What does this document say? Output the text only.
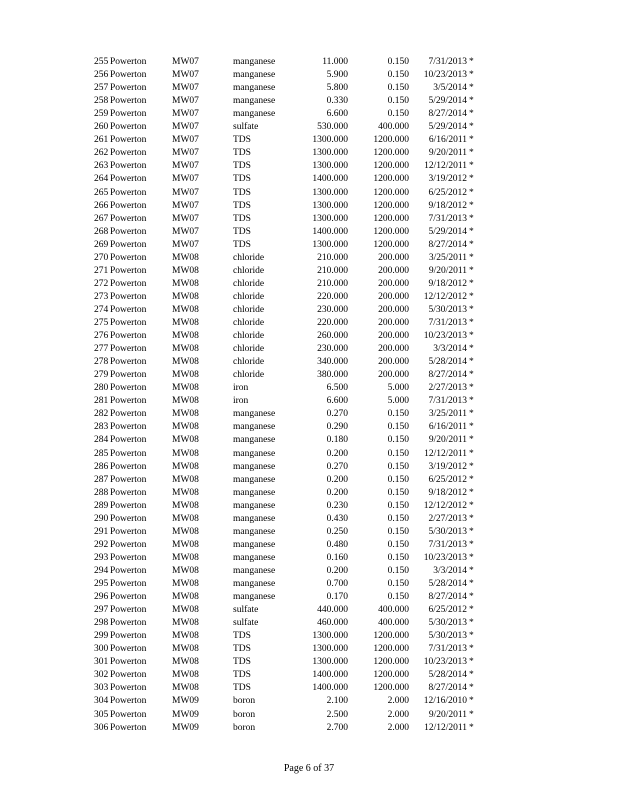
255 Powerton	MW07	manganese	11.000	0.150	7/31/2013 *
256 Powerton	MW07	manganese	5.900	0.150	10/23/2013 *
257 Powerton	MW07	manganese	5.800	0.150	3/5/2014 *
258 Powerton	MW07	manganese	0.330	0.150	5/29/2014 *
259 Powerton	MW07	manganese	6.600	0.150	8/27/2014 *
260 Powerton	MW07	sulfate	530.000	400.000	5/29/2014 *
261 Powerton	MW07	TDS	1300.000	1200.000	6/16/2011 *
262 Powerton	MW07	TDS	1300.000	1200.000	9/20/2011 *
263 Powerton	MW07	TDS	1300.000	1200.000	12/12/2011 *
264 Powerton	MW07	TDS	1400.000	1200.000	3/19/2012 *
265 Powerton	MW07	TDS	1300.000	1200.000	6/25/2012 *
266 Powerton	MW07	TDS	1300.000	1200.000	9/18/2012 *
267 Powerton	MW07	TDS	1300.000	1200.000	7/31/2013 *
268 Powerton	MW07	TDS	1400.000	1200.000	5/29/2014 *
269 Powerton	MW07	TDS	1300.000	1200.000	8/27/2014 *
270 Powerton	MW08	chloride	210.000	200.000	3/25/2011 *
271 Powerton	MW08	chloride	210.000	200.000	9/20/2011 *
272 Powerton	MW08	chloride	210.000	200.000	9/18/2012 *
273 Powerton	MW08	chloride	220.000	200.000	12/12/2012 *
274 Powerton	MW08	chloride	230.000	200.000	5/30/2013 *
275 Powerton	MW08	chloride	220.000	200.000	7/31/2013 *
276 Powerton	MW08	chloride	260.000	200.000	10/23/2013 *
277 Powerton	MW08	chloride	230.000	200.000	3/3/2014 *
278 Powerton	MW08	chloride	340.000	200.000	5/28/2014 *
279 Powerton	MW08	chloride	380.000	200.000	8/27/2014 *
280 Powerton	MW08	iron	6.500	5.000	2/27/2013 *
281 Powerton	MW08	iron	6.600	5.000	7/31/2013 *
282 Powerton	MW08	manganese	0.270	0.150	3/25/2011 *
283 Powerton	MW08	manganese	0.290	0.150	6/16/2011 *
284 Powerton	MW08	manganese	0.180	0.150	9/20/2011 *
285 Powerton	MW08	manganese	0.200	0.150	12/12/2011 *
286 Powerton	MW08	manganese	0.270	0.150	3/19/2012 *
287 Powerton	MW08	manganese	0.200	0.150	6/25/2012 *
288 Powerton	MW08	manganese	0.200	0.150	9/18/2012 *
289 Powerton	MW08	manganese	0.230	0.150	12/12/2012 *
290 Powerton	MW08	manganese	0.430	0.150	2/27/2013 *
291 Powerton	MW08	manganese	0.250	0.150	5/30/2013 *
292 Powerton	MW08	manganese	0.480	0.150	7/31/2013 *
293 Powerton	MW08	manganese	0.160	0.150	10/23/2013 *
294 Powerton	MW08	manganese	0.200	0.150	3/3/2014 *
295 Powerton	MW08	manganese	0.700	0.150	5/28/2014 *
296 Powerton	MW08	manganese	0.170	0.150	8/27/2014 *
297 Powerton	MW08	sulfate	440.000	400.000	6/25/2012 *
298 Powerton	MW08	sulfate	460.000	400.000	5/30/2013 *
299 Powerton	MW08	TDS	1300.000	1200.000	5/30/2013 *
300 Powerton	MW08	TDS	1300.000	1200.000	7/31/2013 *
301 Powerton	MW08	TDS	1300.000	1200.000	10/23/2013 *
302 Powerton	MW08	TDS	1400.000	1200.000	5/28/2014 *
303 Powerton	MW08	TDS	1400.000	1200.000	8/27/2014 *
304 Powerton	MW09	boron	2.100	2.000	12/16/2010 *
305 Powerton	MW09	boron	2.500	2.000	9/20/2011 *
306 Powerton	MW09	boron	2.700	2.000	12/12/2011 *
Page 6 of 37
